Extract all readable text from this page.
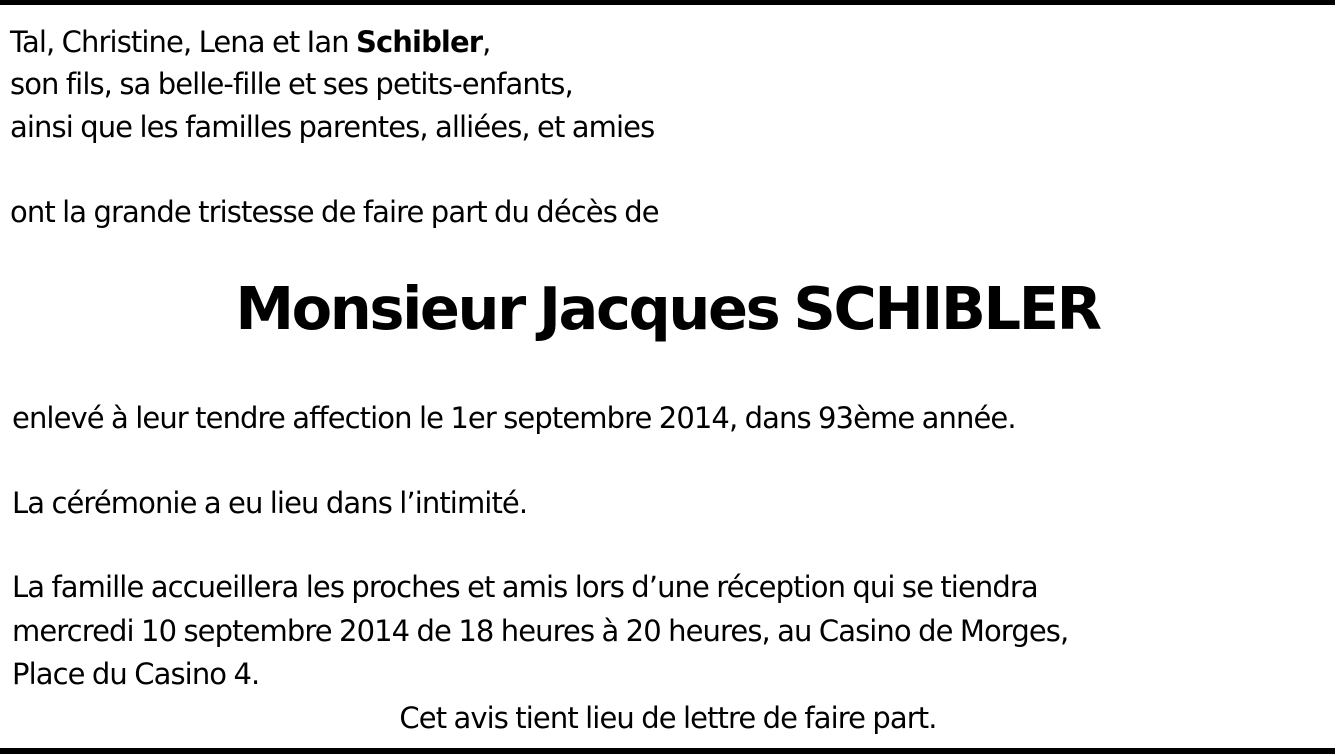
Tal, Christine, Lena et Ian Schibler,
son fils, sa belle-fille et ses petits-enfants,
ainsi que les familles parentes, alliées, et amies
ont la grande tristesse de faire part du décès de
Monsieur Jacques SCHIBLER
enlevé à leur tendre affection le 1er septembre 2014, dans 93ème année.
La cérémonie a eu lieu dans l’intimité.
La famille accueillera les proches et amis lors d’une réception qui se tiendra
mercredi 10 septembre 2014 de 18 heures à 20 heures, au Casino de Morges,
Place du Casino 4.
Cet avis tient lieu de lettre de faire part.
